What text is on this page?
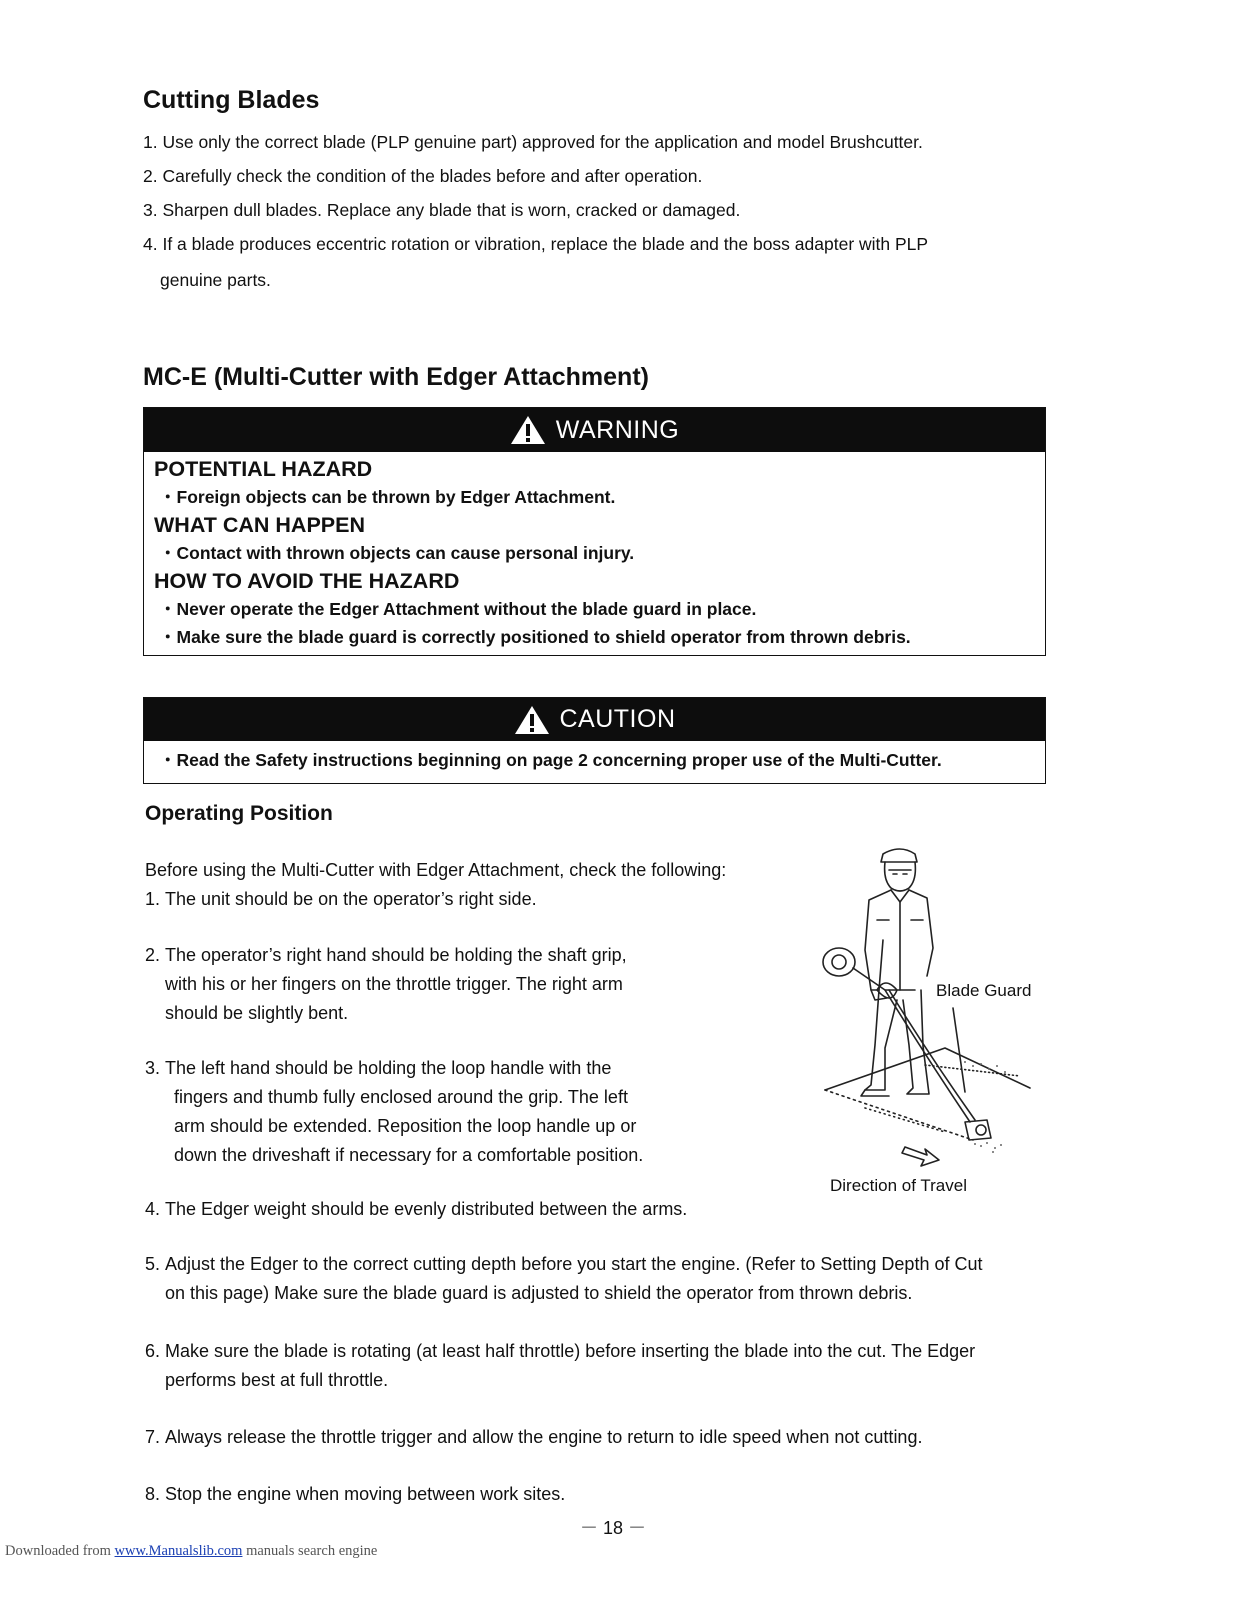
Cutting Blades
1. Use only the correct blade (PLP genuine part) approved for the application and model Brushcutter.
2. Carefully check the condition of the blades before and after operation.
3. Sharpen dull blades. Replace any blade that is worn, cracked or damaged.
4. If a blade produces eccentric rotation or vibration, replace the blade and the boss adapter with PLP
genuine parts.
MC-E (Multi-Cutter with Edger Attachment)
WARNING
POTENTIAL HAZARD
・Foreign objects can be thrown by Edger Attachment.
WHAT CAN HAPPEN
・Contact with thrown objects can cause personal injury.
HOW TO AVOID THE HAZARD
・Never operate the Edger Attachment without the blade guard in place.
・Make sure the blade guard is correctly positioned to shield operator from thrown debris.
CAUTION
・Read the Safety instructions beginning on page 2 concerning proper use of the Multi-Cutter.
Operating Position

Before using the Multi-Cutter with Edger Attachment, check the following:

1. The unit should be on the operator’s right side.
2. The operator’s right hand should be holding the shaft grip,
with his or her fingers on the throttle trigger. The right arm
should be slightly bent.
3. The left hand should be holding the loop handle with the
fingers and thumb fully enclosed around the grip. The left
arm should be extended. Reposition the loop handle up or
down the driveshaft if necessary for a comfortable position.
4. The Edger weight should be evenly distributed between the arms.
5. Adjust the Edger to the correct cutting depth before you start the engine. (Refer to Setting Depth of Cut
on this page) Make sure the blade guard is adjusted to shield the operator from thrown debris.
6. Make sure the blade is rotating (at least half throttle) before inserting the blade into the cut. The Edger
performs best at full throttle.
7. Always release the throttle trigger and allow the engine to return to idle speed when not cutting.
8. Stop the engine when moving between work sites.
Blade Guard
Direction of Travel
－ 18 －
Downloaded from www.Manualslib.com manuals search engine
